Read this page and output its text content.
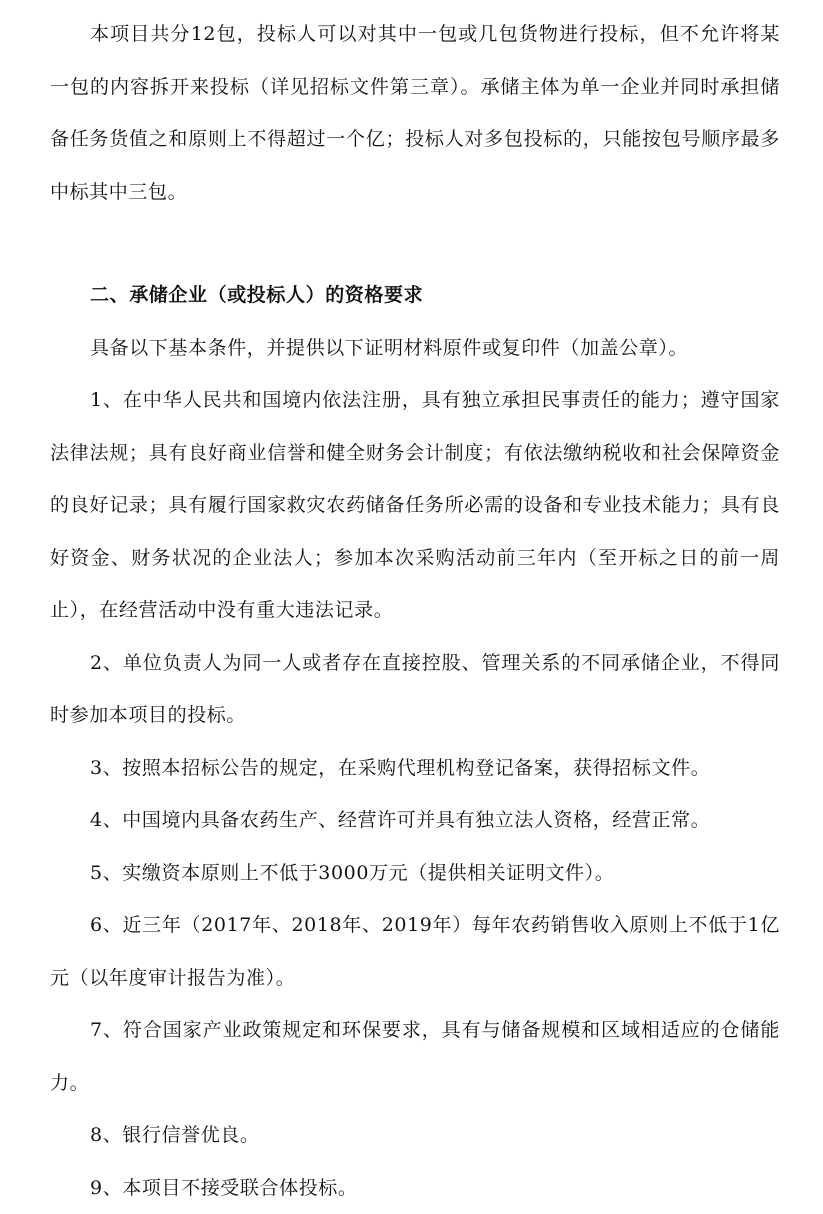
本项目共分12包，投标人可以对其中一包或几包货物进行投标，但不允许将某一包的内容拆开来投标（详见招标文件第三章）。承储主体为单一企业并同时承担储备任务货值之和原则上不得超过一个亿；投标人对多包投标的，只能按包号顺序最多中标其中三包。

二、承储企业（或投标人）的资格要求

具备以下基本条件，并提供以下证明材料原件或复印件（加盖公章）。

1、在中华人民共和国境内依法注册，具有独立承担民事责任的能力；遵守国家法律法规；具有良好商业信誉和健全财务会计制度；有依法缴纳税收和社会保障资金的良好记录；具有履行国家救灾农药储备任务所必需的设备和专业技术能力；具有良好资金、财务状况的企业法人；参加本次采购活动前三年内（至开标之日的前一周止），在经营活动中没有重大违法记录。

2、单位负责人为同一人或者存在直接控股、管理关系的不同承储企业，不得同时参加本项目的投标。

3、按照本招标公告的规定，在采购代理机构登记备案，获得招标文件。

4、中国境内具备农药生产、经营许可并具有独立法人资格，经营正常。

5、实缴资本原则上不低于3000万元（提供相关证明文件）。

6、近三年（2017年、2018年、2019年）每年农药销售收入原则上不低于1亿元（以年度审计报告为准）。

7、符合国家产业政策规定和环保要求，具有与储备规模和区域相适应的仓储能力。

8、银行信誉优良。

9、本项目不接受联合体投标。
